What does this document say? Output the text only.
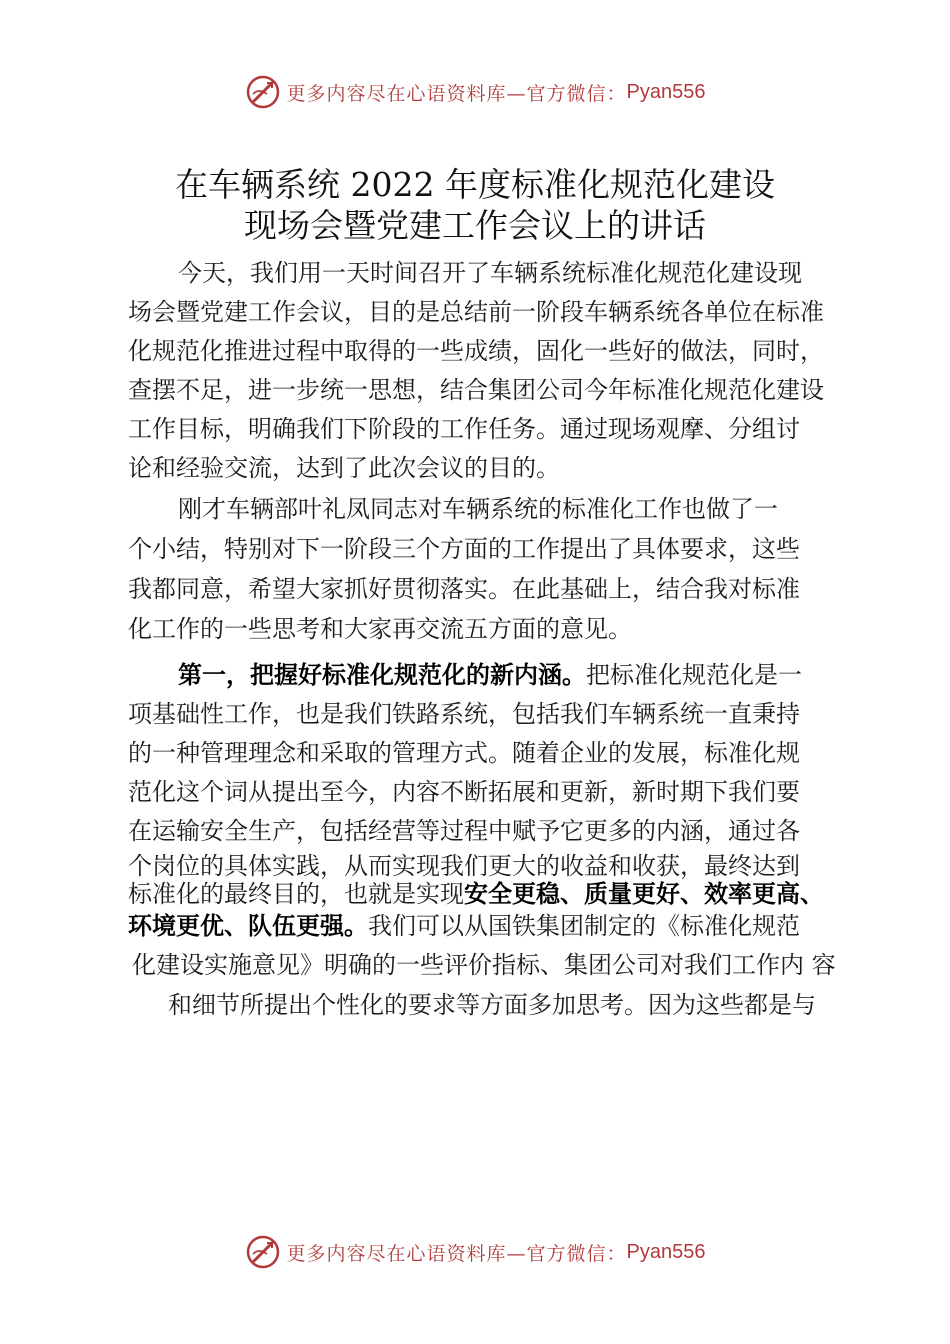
更多内容尽在心语资料库—官方微信： Pyan556
在车辆系统 2022 年度标准化规范化建设
现场会暨党建工作会议上的讲话
今天，我们用一天时间召开了车辆系统标准化规范化建设现
场会暨党建工作会议，目的是总结前一阶段车辆系统各单位在标准
化规范化推进过程中取得的一些成绩，固化一些好的做法，同时，
查摆不足，进一步统一思想，结合集团公司今年标准化规范化建设
工作目标，明确我们下阶段的工作任务。通过现场观摩、分组讨
论和经验交流，达到了此次会议的目的。
刚才车辆部叶礼凤同志对车辆系统的标准化工作也做了一
个小结，特别对下一阶段三个方面的工作提出了具体要求，这些
我都同意，希望大家抓好贯彻落实。在此基础上，结合我对标准
化工作的一些思考和大家再交流五方面的意见。
第一，把握好标准化规范化的新内涵。把标准化规范化是一
项基础性工作，也是我们铁路系统，包括我们车辆系统一直秉持
的一种管理理念和采取的管理方式。随着企业的发展，标准化规
范化这个词从提出至今，内容不断拓展和更新，新时期下我们要
在运输安全生产，包括经营等过程中赋予它更多的内涵，通过各
个岗位的具体实践，从而实现我们更大的收益和收获，最终达到
标准化的最终目的，也就是实现安全更稳、质量更好、效率更高、
环境更优、队伍更强。我们可以从国铁集团制定的《标准化规范
化建设实施意见》明确的一些评价指标、集团公司对我们工作内 容
和细节所提出个性化的要求等方面多加思考。因为这些都是与
更多内容尽在心语资料库—官方微信： Pyan556
